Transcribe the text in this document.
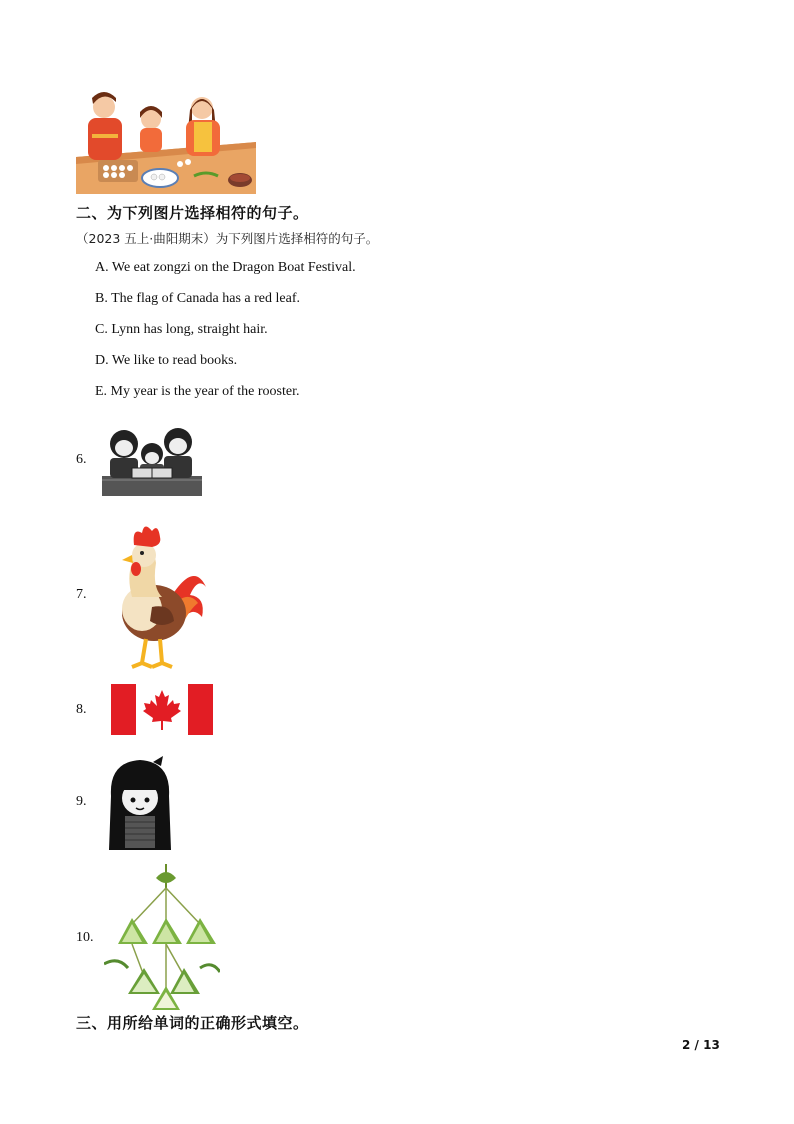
二、为下列图片选择相符的句子。
（2023 五上·曲阳期末）为下列图片选择相符的句子。
A. We eat zongzi on the Dragon Boat Festival.
B. The flag of Canada has a red leaf.
C. Lynn has long, straight hair.
D. We like to read books.
E. My year is the year of the rooster.
6.
7.
8.
9.
10.
三、用所给单词的正确形式填空。
2 / 13
